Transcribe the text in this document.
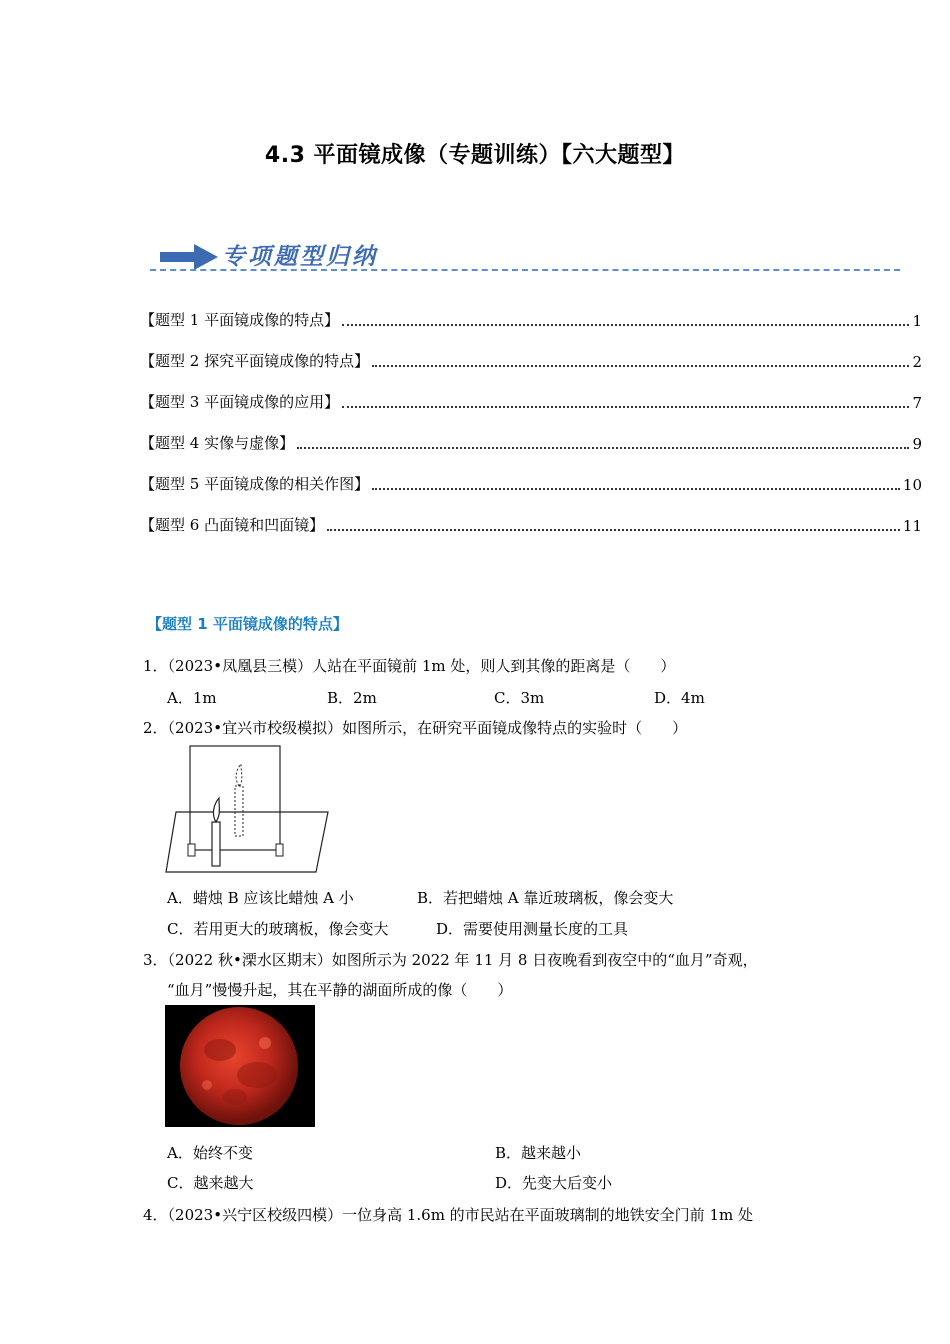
4.3 平面镜成像（专题训练）【六大题型】
专项题型归纳
【题型 1 平面镜成像的特点】	1
【题型 2 探究平面镜成像的特点】	2
【题型 3 平面镜成像的应用】	7
【题型 4 实像与虚像】	9
【题型 5 平面镜成像的相关作图】	10
【题型 6 凸面镜和凹面镜】	11
【题型 1 平面镜成像的特点】
1．（2023•凤凰县三模）人站在平面镜前 1m 处，则人到其像的距离是（　　）
A．1m	B．2m	C．3m	D．4m
2．（2023•宜兴市校级模拟）如图所示，在研究平面镜成像特点的实验时（　　）
A．蜡烛 B 应该比蜡烛 A 小	B．若把蜡烛 A 靠近玻璃板，像会变大
C．若用更大的玻璃板，像会变大	D．需要使用测量长度的工具
3．（2022 秋•溧水区期末）如图所示为 2022 年 11 月 8 日夜晚看到夜空中的“血月”奇观，
“血月”慢慢升起，其在平静的湖面所成的像（　　）
A．始终不变	B．越来越小
C．越来越大	D．先变大后变小
4．（2023•兴宁区校级四模）一位身高 1.6m 的市民站在平面玻璃制的地铁安全门前 1m 处
